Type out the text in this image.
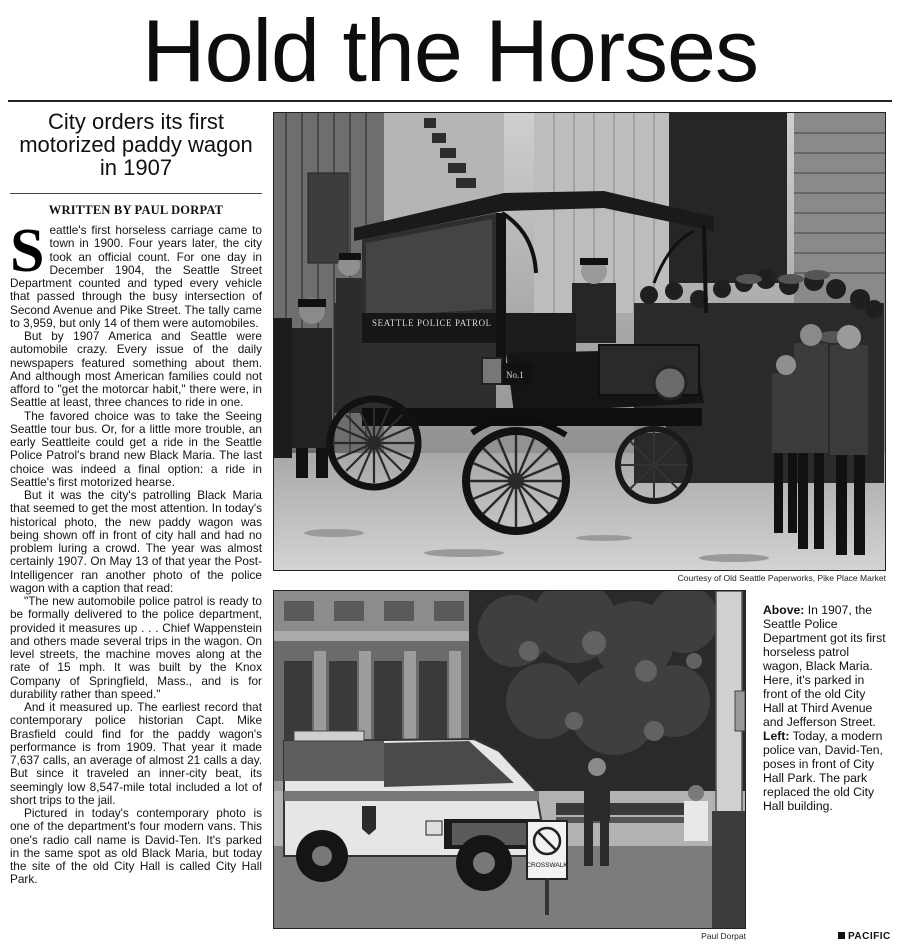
Hold the Horses
City orders its first motorized paddy wagon in 1907
WRITTEN BY PAUL DORPAT

Seattle's first horseless carriage came to town in 1900. Four years later, the city took an official count. For one day in December 1904, the Seattle Street Department counted and typed every vehicle that passed through the busy intersection of Second Avenue and Pike Street. The tally came to 3,959, but only 14 of them were automobiles.

But by 1907 America and Seattle were automobile crazy. Every issue of the daily newspapers featured something about them. And although most American families could not afford to "get the motorcar habit," there were, in Seattle at least, three chances to ride in one.

The favored choice was to take the Seeing Seattle tour bus. Or, for a little more trouble, an early Seattleite could get a ride in the Seattle Police Patrol's brand new Black Maria. The last choice was indeed a final option: a ride in Seattle's first motorized hearse.

But it was the city's patrolling Black Maria that seemed to get the most attention. In today's historical photo, the new paddy wagon was being shown off in front of city hall and had no problem luring a crowd. The year was almost certainly 1907. On May 13 of that year the Post-Intelligencer ran another photo of the police wagon with a caption that read:

"The new automobile police patrol is ready to be formally delivered to the police department, provided it measures up . . . Chief Wappenstein and others made several trips in the wagon. On level streets, the machine moves along at the rate of 15 mph. It was built by the Knox Company of Springfield, Mass., and is for durability rather than speed."

And it measured up. The earliest record that contemporary police historian Capt. Mike Brasfield could find for the paddy wagon's performance is from 1909. That year it made 7,637 calls, an average of almost 21 calls a day. But since it traveled an inner-city beat, its seemingly low 8,547-mile total included a lot of short trips to the jail.

Pictured in today's contemporary photo is one of the department's four modern vans. This one's radio call name is David-Ten. It's parked in the same spot as old Black Maria, but today the site of the old City Hall is called City Hall Park.

SEATTLE POLICE PATROL
No.1
Courtesy of Old Seattle Paperworks, Pike Place Market
CROSSWALK
Paul Dorpat
Above: In 1907, the Seattle Police Department got its first horseless patrol wagon, Black Maria. Here, it's parked in front of the old City Hall at Third Avenue and Jefferson Street. Left: Today, a modern police van, David-Ten, poses in front of City Hall Park. The park replaced the old City Hall building.
PACIFIC
